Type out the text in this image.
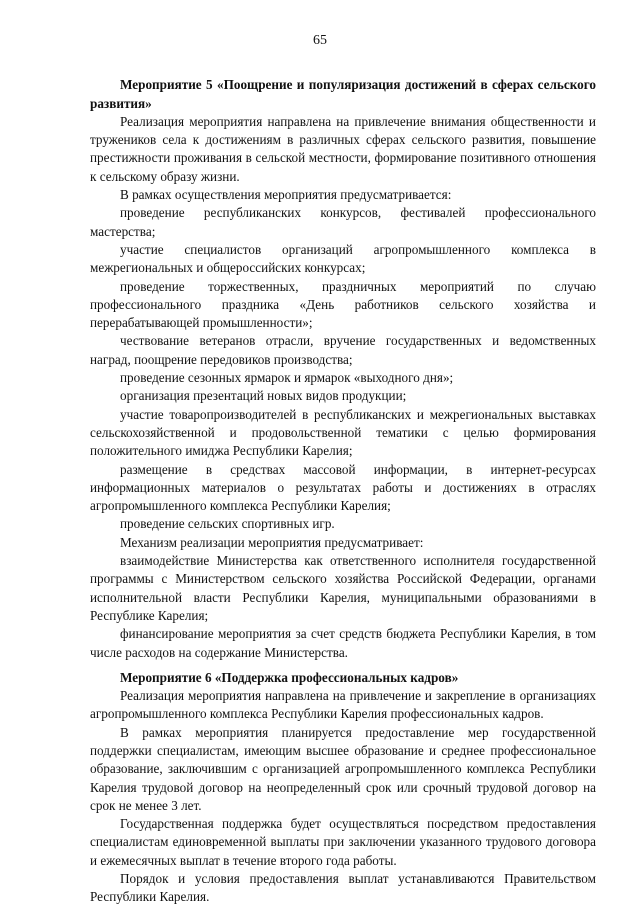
65

Мероприятие 5 «Поощрение и популяризация достижений в сферах сельского развития»

Реализация мероприятия направлена на привлечение внимания общественности и тружеников села к достижениям в различных сферах сельского развития, повышение престижности проживания в сельской местности, формирование позитивного отношения к сельскому образу жизни.

В рамках осуществления мероприятия предусматривается:

проведение республиканских конкурсов, фестивалей профессионального мастерства;

участие специалистов организаций агропромышленного комплекса в межрегиональных и общероссийских конкурсах;

проведение торжественных, праздничных мероприятий по случаю профессионального праздника «День работников сельского хозяйства и перерабатывающей промышленности»;

чествование ветеранов отрасли, вручение государственных и ведомственных наград, поощрение передовиков производства;

проведение сезонных ярмарок и ярмарок «выходного дня»;

организация презентаций новых видов продукции;

участие товаропроизводителей в республиканских и межрегиональных выставках сельскохозяйственной и продовольственной тематики с целью формирования положительного имиджа Республики Карелия;

размещение в средствах массовой информации, в интернет-ресурсах информационных материалов о результатах работы и достижениях в отраслях агропромышленного комплекса Республики Карелия;

проведение сельских спортивных игр.

Механизм реализации мероприятия предусматривает:

взаимодействие Министерства как ответственного исполнителя государственной программы с Министерством сельского хозяйства Российской Федерации, органами исполнительной власти Республики Карелия, муниципальными образованиями в Республике Карелия;

финансирование мероприятия за счет средств бюджета Республики Карелия, в том числе расходов на содержание Министерства.

Мероприятие 6 «Поддержка профессиональных кадров»

Реализация мероприятия направлена на привлечение и закрепление в организациях агропромышленного комплекса Республики Карелия профессиональных кадров.

В рамках мероприятия планируется предоставление мер государственной поддержки специалистам, имеющим высшее образование и среднее профессиональное образование, заключившим с организацией агропромышленного комплекса Республики Карелия трудовой договор на неопределенный срок или срочный трудовой договор на срок не менее 3 лет.

Государственная поддержка будет осуществляться посредством предоставления специалистам единовременной выплаты при заключении указанного трудового договора и ежемесячных выплат в течение второго года работы.

Порядок и условия предоставления выплат устанавливаются Правительством Республики Карелия.
